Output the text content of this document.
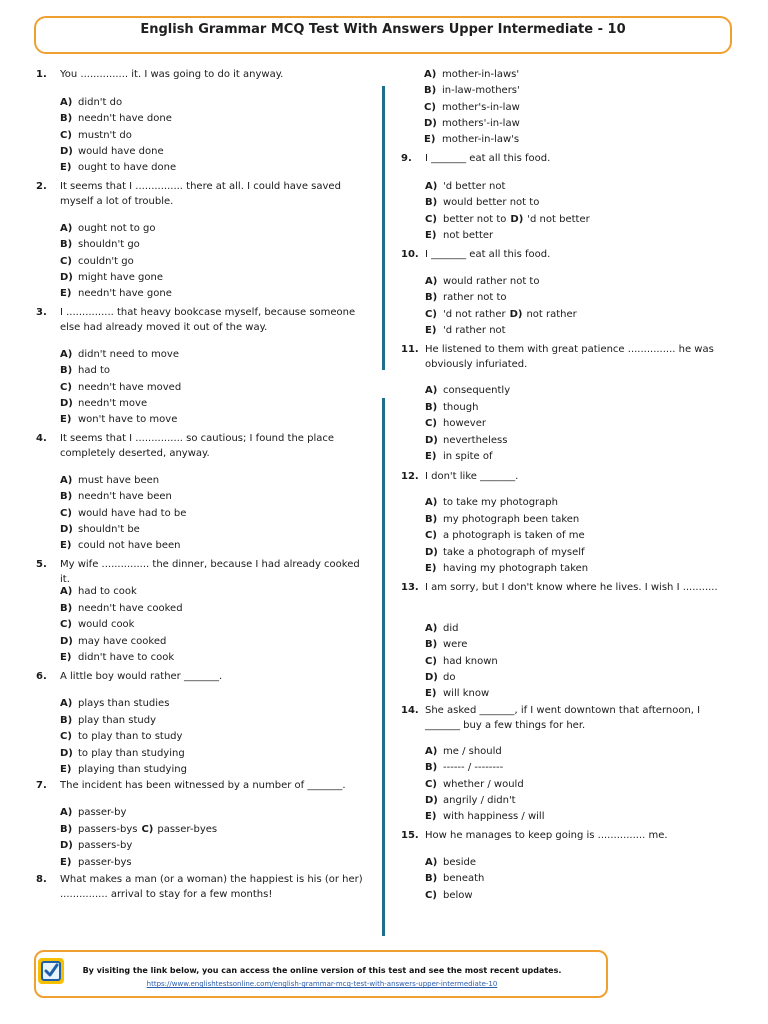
English Grammar MCQ Test With Answers Upper Intermediate - 10
1. You ............... it. I was going to do it anyway.
A) didn't do
B) needn't have done
C) mustn't do
D) would have done
E) ought to have done
2. It seems that I ............... there at all. I could have saved myself a lot of trouble.
A) ought not to go
B) shouldn't go
C) couldn't go
D) might have gone
E) needn't have gone
3. I ............... that heavy bookcase myself, because someone else had already moved it out of the way.
A) didn't need to move
B) had to
C) needn't have moved
D) needn't move
E) won't have to move
4. It seems that I ............... so cautious; I found the place completely deserted, anyway.
A) must have been
B) needn't have been
C) would have had to be
D) shouldn't be
E) could not have been
5. My wife ............... the dinner, because I had already cooked it.
A) had to cook
B) needn't have cooked
C) would cook
D) may have cooked
E) didn't have to cook
6. A little boy would rather _______.
A) plays than studies
B) play than study
C) to play than to study
D) to play than studying
E) playing than studying
7. The incident has been witnessed by a number of _______.
A) passer-by
B) passers-bys C) passer-byes
D) passers-by
E) passer-bys
8. What makes a man (or a woman) the happiest is his (or her) ............... arrival to stay for a few months!
A) mother-in-laws'
B) in-law-mothers'
C) mother's-in-law
D) mothers'-in-law
E) mother-in-law's
9. I _______ eat all this food.
A) 'd better not
B) would better not to
C) better not to D) 'd not better
E) not better
10. I _______ eat all this food.
A) would rather not to
B) rather not to
C) 'd not rather D) not rather
E) 'd rather not
11. He listened to them with great patience ............... he was obviously infuriated.
A) consequently
B) though
C) however
D) nevertheless
E) in spite of
12. I don't like _______.
A) to take my photograph
B) my photograph been taken
C) a photograph is taken of me
D) take a photograph of myself
E) having my photograph taken
13. I am sorry, but I don't know where he lives. I wish I ...........
A) did
B) were
C) had known
D) do
E) will know
14. She asked _______, if I went downtown that afternoon, I _______ buy a few things for her.
A) me / should
B) ------ / --------
C) whether / would
D) angrily / didn't
E) with happiness / will
15. How he manages to keep going is ............... me.
A) beside
B) beneath
C) below
By visiting the link below, you can access the online version of this test and see the most recent updates.
https://www.englishtestsonline.com/english-grammar-mcq-test-with-answers-upper-intermediate-10
